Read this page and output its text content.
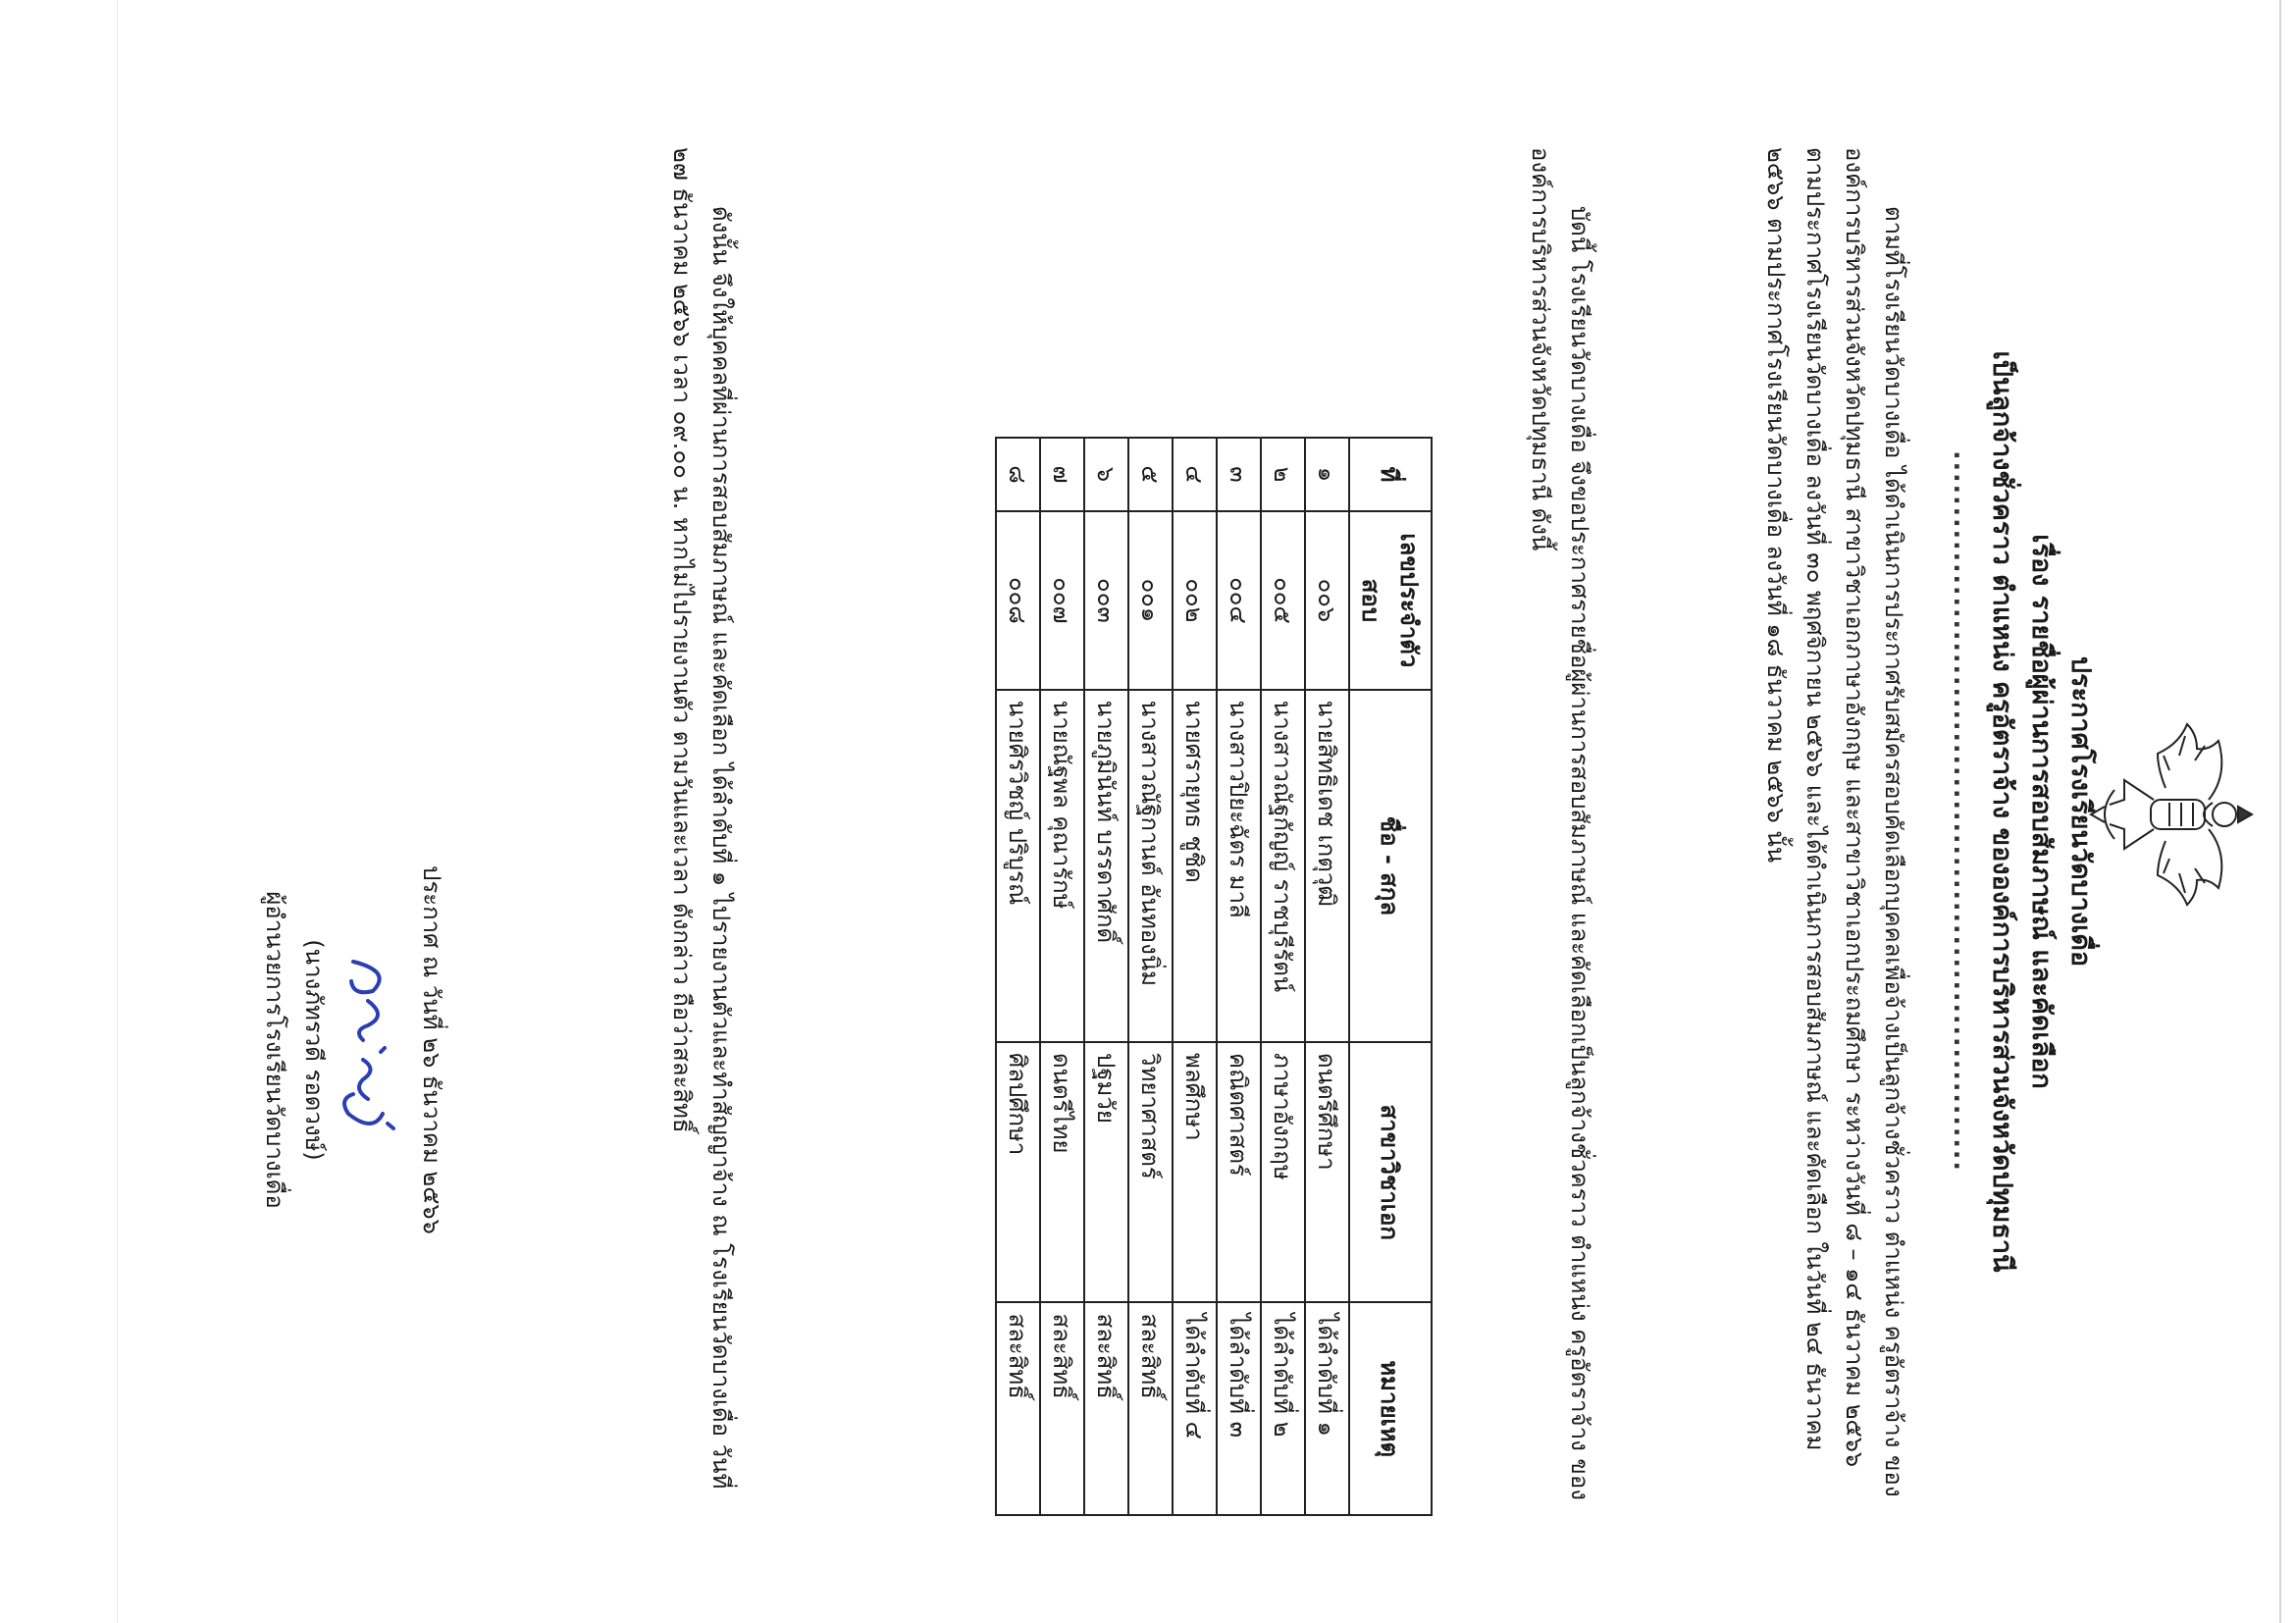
ประกาศโรงเรียนวัดบางเดื่อ
เรื่อง รายชื่อผู้ผ่านการสอบสัมภาษณ์ และคัดเลือก
เป็นลูกจ้างชั่วคราว ตำแหน่ง ครูอัตราจ้าง ขององค์การบริหารส่วนจังหวัดปทุมธานี
................................................................

ตามที่โรงเรียนวัดบางเดื่อ ได้ดำเนินการประกาศรับสมัครสอบคัดเลือกบุคคลเพื่อจ้างเป็นลูกจ้างชั่วคราว ตำแหน่ง ครูอัตราจ้าง ขององค์การบริหารส่วนจังหวัดปทุมธานี สาขาวิชาเอกภาษาอังกฤษ และสาขาวิชาเอกประถมศึกษา ระหว่างวันที่ ๘ – ๑๔ ธันวาคม ๒๕๖๖ ตามประกาศโรงเรียนวัดบางเดื่อ ลงวันที่ ๓๐ พฤศจิกายน ๒๕๖๖ และได้ดำเนินการสอบสัมภาษณ์ และคัดเลือก ในวันที่ ๒๔ ธันวาคม ๒๕๖๖ ตามประกาศโรงเรียนวัดบางเดื่อ ลงวันที่ ๑๘ ธันวาคม ๒๕๖๖ นั้น

บัดนี้ โรงเรียนวัดบางเดื่อ จึงขอประกาศรายชื่อผู้ผ่านการสอบสัมภาษณ์ และคัดเลือกเป็นลูกจ้างชั่วคราว ตำแหน่ง ครูอัตราจ้าง ขององค์การบริหารส่วนจังหวัดปทุมธานี ดังนี้

ที่	เลขประจำตัวสอบ	ชื่อ - สกุล	สาขาวิชาเอก	หมายเหตุ
๑	๐๐๖	นายสิทธิเดช เกตุวุฒิ	ดนตรีศึกษา	ได้ลำดับที่ ๑
๒	๐๐๕	นางสาวณัฐกัญญ์ ราชบุรีรัตน์	ภาษาอังกฤษ	ได้ลำดับที่ ๒
๓	๐๐๔	นางสาวปิยะฉัตร มาลี	คณิตศาสตร์	ได้ลำดับที่ ๓
๔	๐๐๒	นายศรายุทธ ชูชิด	พลศึกษา	ได้ลำดับที่ ๔
๕	๐๐๑	นางสาวณัฐิกานต์ อันทองนิ่ม	วิทยาศาสตร์	สละสิทธิ์
๖	๐๐๓	นายภูมินันท์ บรรดาศักดิ์	ปฐมวัย	สละสิทธิ์
๗	๐๐๗	นายณัฐพล คุณารักษ์	ดนตรีไทย	สละสิทธิ์
๘	๐๐๘	นายศิรวิชญ์ ปริบูรณ์	ศิลปศึกษา	สละสิทธิ์

ดังนั้น จึงให้บุคคลที่ผ่านการสอบสัมภาษณ์ และคัดเลือก ได้ลำดับที่ ๑ ไปรายงานตัวและทำสัญญาจ้าง ณ โรงเรียนวัดบางเดื่อ วันที่ ๒๗ ธันวาคม ๒๕๖๖ เวลา ๐๙.๐๐ น. หากไม่ไปรายงานตัว ตามวันและเวลา ดังกล่าว ถือว่าสละสิทธิ์

ประกาศ ณ วันที่ ๒๖ ธันวาคม ๒๕๖๖
(นางภัทรวดี รอดวงษ์)
ผู้อำนวยการโรงเรียนวัดบางเดื่อ
